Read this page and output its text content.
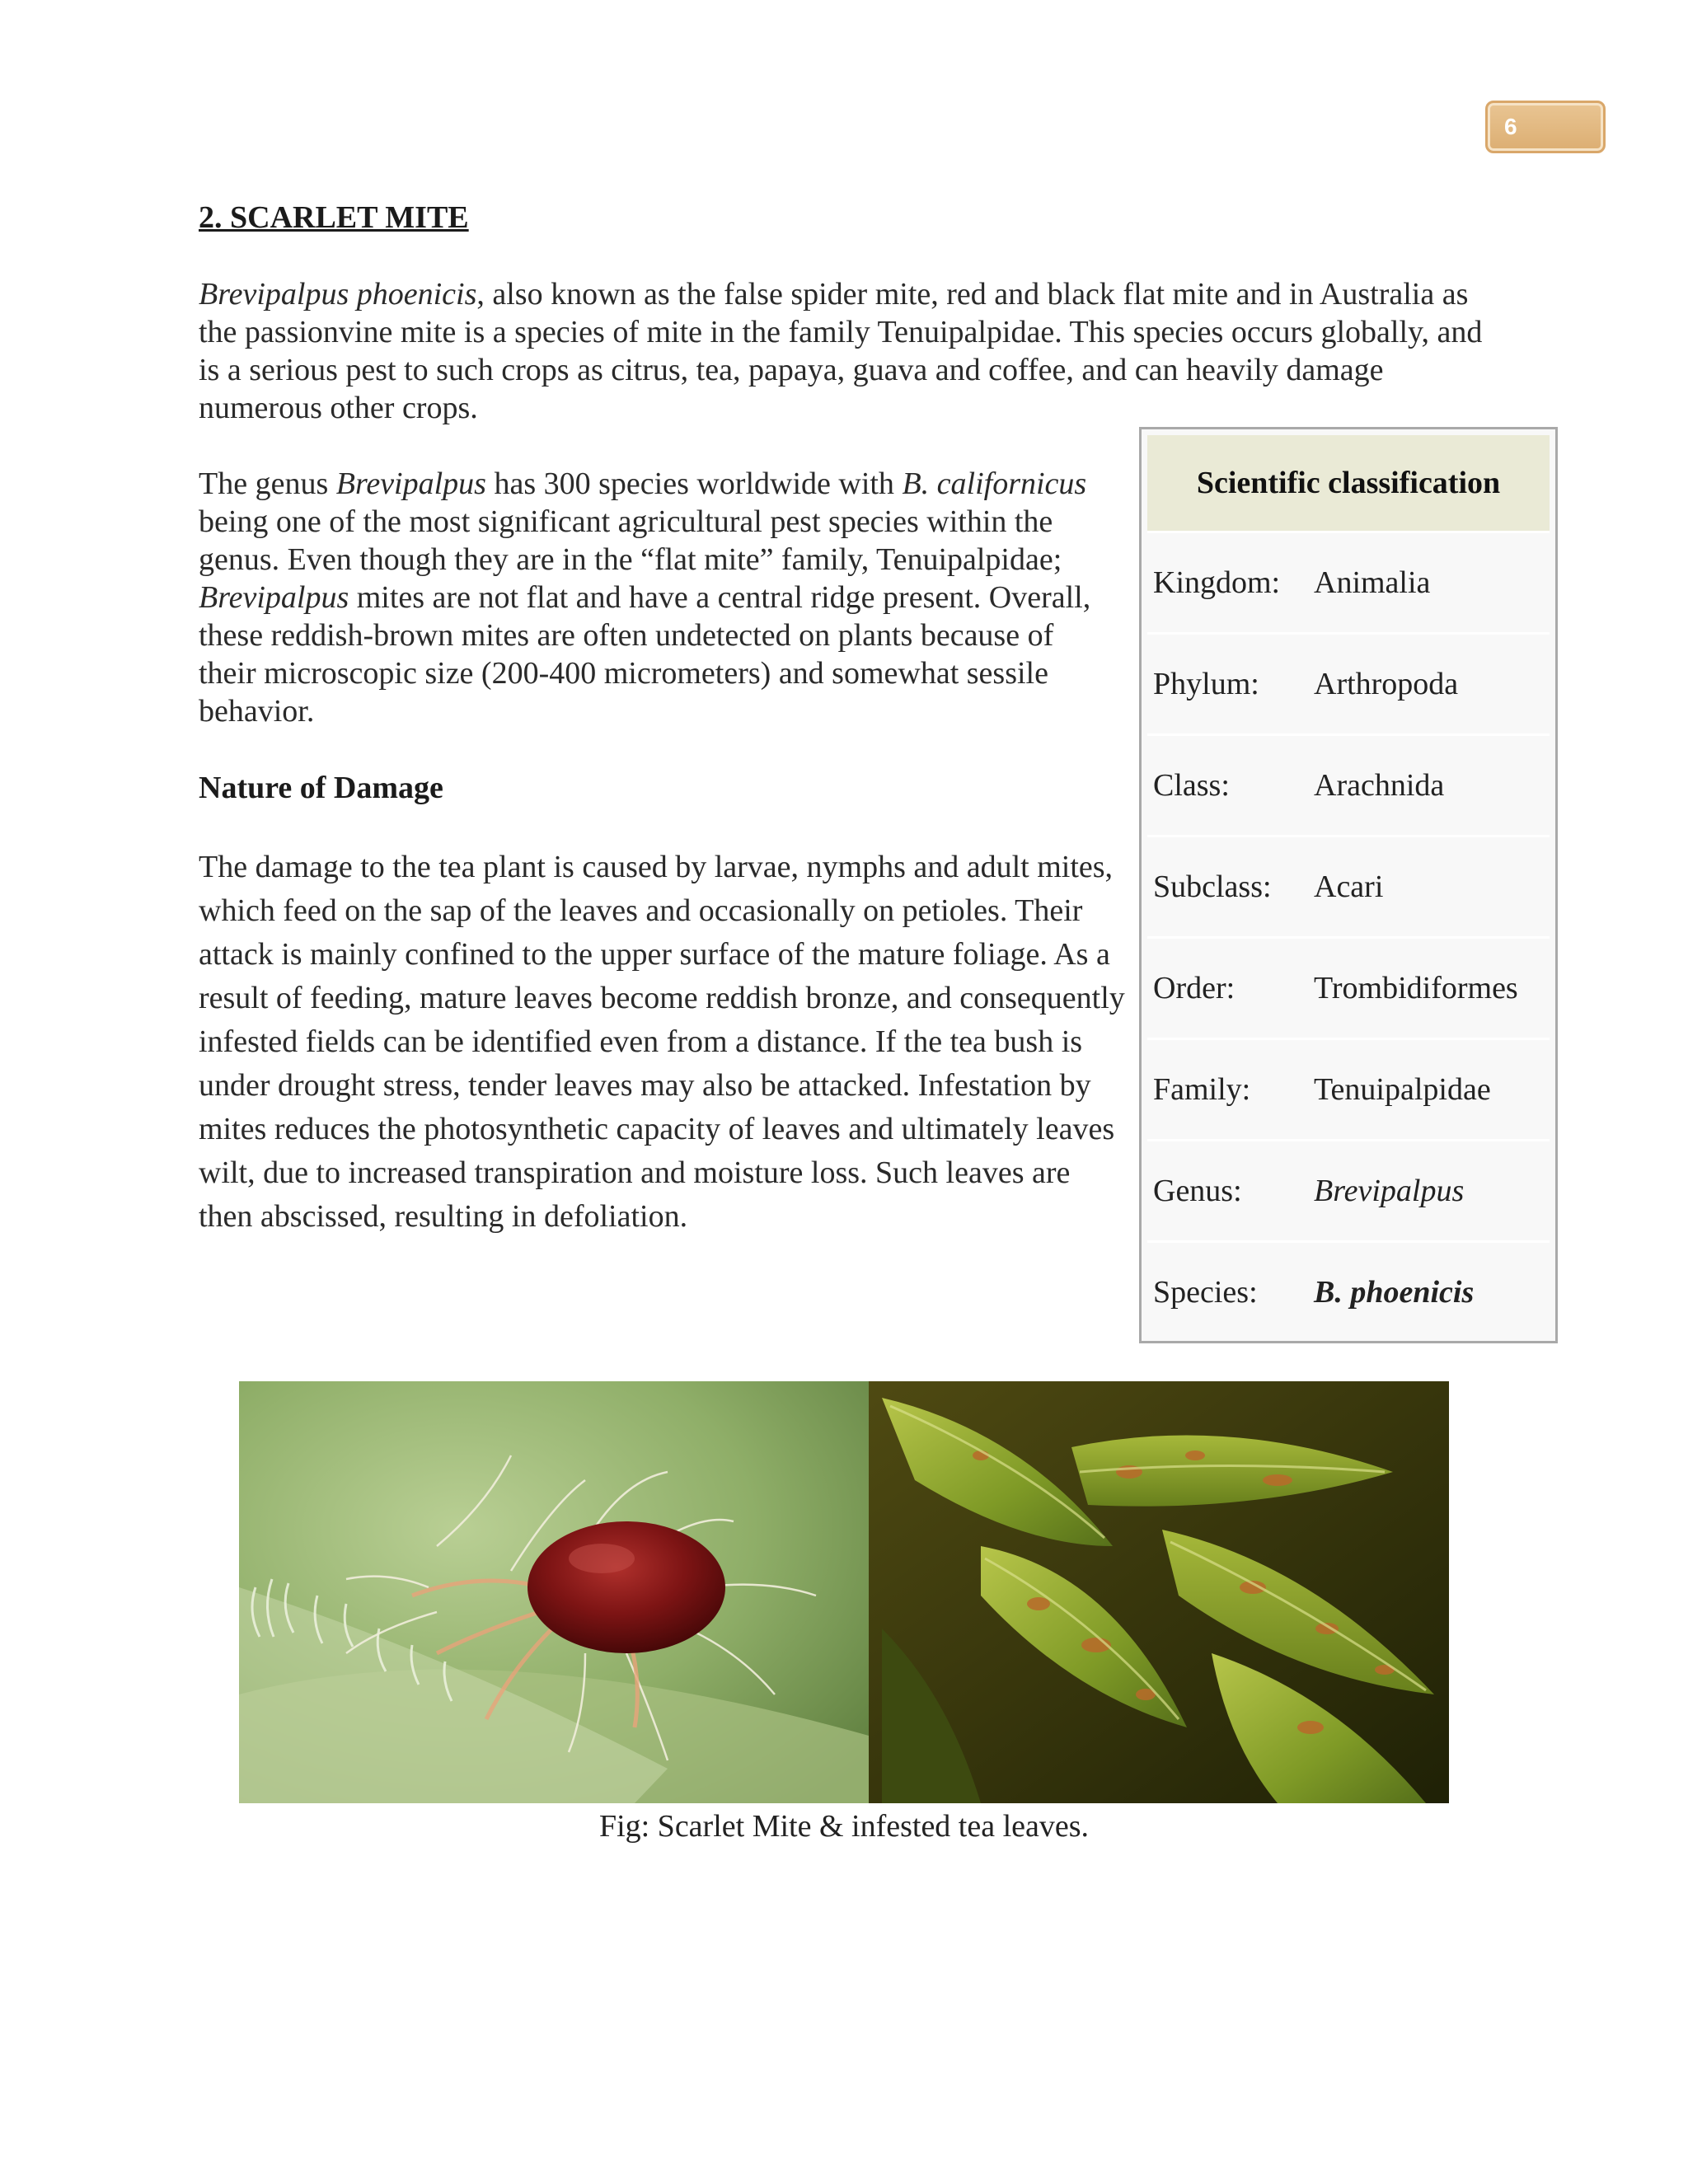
6
2. SCARLET MITE

Brevipalpus phoenicis, also known as the false spider mite, red and black flat mite and in Australia as the passionvine mite is a species of mite in the family Tenuipalpidae. This species occurs globally, and is a serious pest to such crops as citrus, tea, papaya, guava and coffee, and can heavily damage numerous other crops.

The genus Brevipalpus has 300 species worldwide with B. californicus being one of the most significant agricultural pest species within the genus. Even though they are in the “flat mite” family, Tenuipalpidae; Brevipalpus mites are not flat and have a central ridge present. Overall, these reddish-brown mites are often undetected on plants because of their microscopic size (200-400 micrometers) and somewhat sessile behavior.

Nature of Damage

The damage to the tea plant is caused by larvae, nymphs and adult mites, which feed on the sap of the leaves and occasionally on petioles. Their attack is mainly confined to the upper surface of the mature foliage. As a result of feeding, mature leaves become reddish bronze, and consequently infested fields can be identified even from a distance. If the tea bush is under drought stress, tender leaves may also be attacked. Infestation by mites reduces the photosynthetic capacity of leaves and ultimately leaves wilt, due to increased transpiration and moisture loss. Such leaves are then abscissed, resulting in defoliation.

Scientific classification
Kingdom:	Animalia
Phylum:	Arthropoda
Class:	Arachnida
Subclass:	Acari
Order:	Trombidiformes
Family:	Tenuipalpidae
Genus:	Brevipalpus
Species:	B. phoenicis

Fig: Scarlet Mite & infested tea leaves.
